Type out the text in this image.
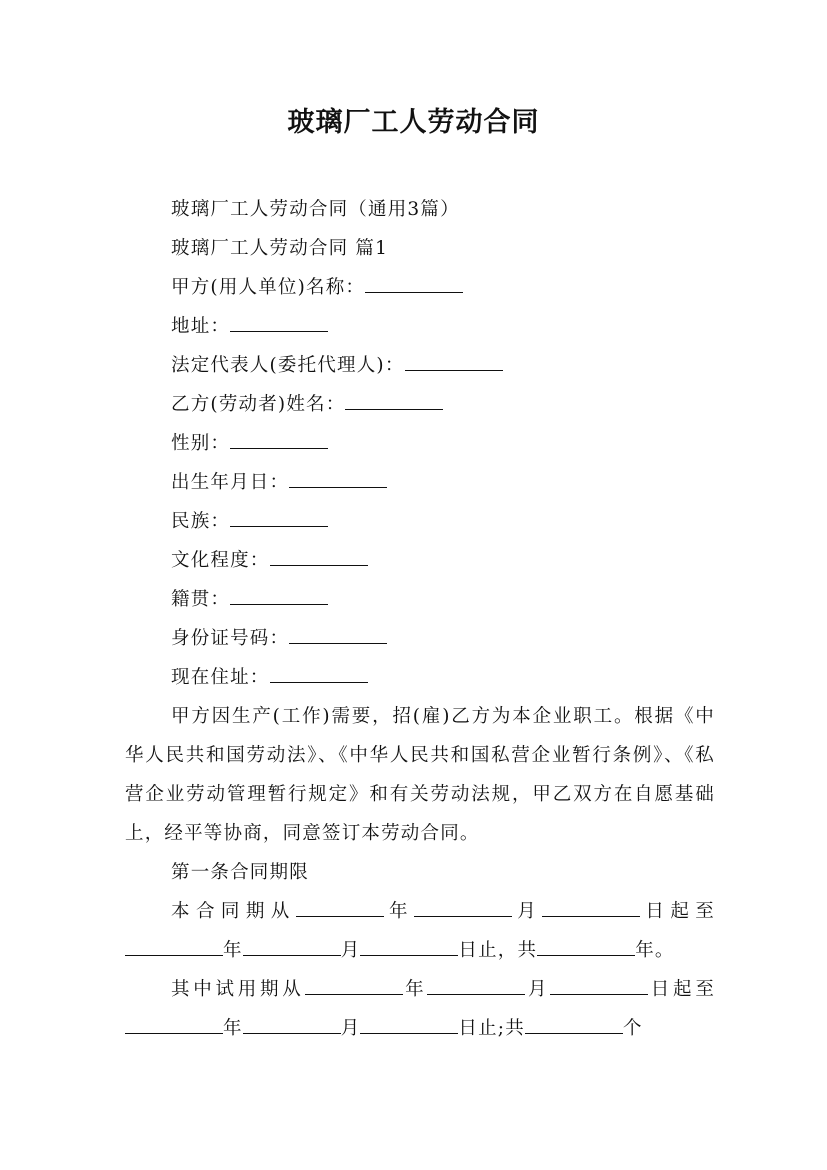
玻璃厂工人劳动合同
玻璃厂工人劳动合同（通用3篇）
玻璃厂工人劳动合同 篇1
甲方(用人单位)名称：
地址：
法定代表人(委托代理人)：
乙方(劳动者)姓名：
性别：
出生年月日：
民族：
文化程度：
籍贯：
身份证号码：
现在住址：
甲方因生产(工作)需要，招(雇)乙方为本企业职工。根据《中华人民共和国劳动法》、《中华人民共和国私营企业暂行条例》、《私营企业劳动管理暂行规定》和有关劳动法规，甲乙双方在自愿基础上，经平等协商，同意签订本劳动合同。
第一条合同期限
本合同期从	年	月	日起至年	月	日止，共	年。
其中试用期从	年	月	日起至年	月	日止;共	个
